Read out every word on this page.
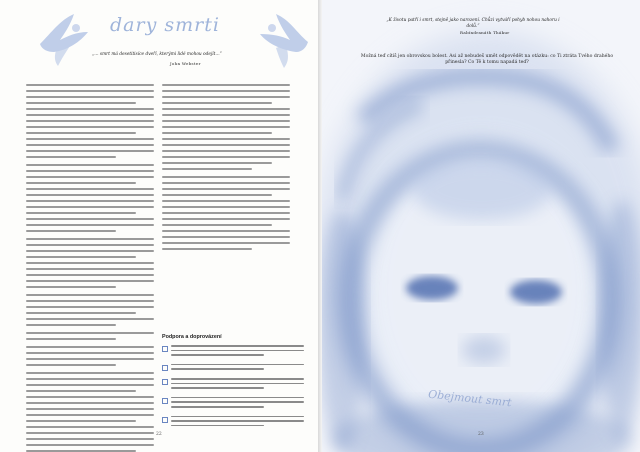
dary smrti
„… smrt má desetitisíce dveří, kterými lidé mohou odejít…“
John Webster
Podpora a doprovázení
22
„K životu patří i smrt, stejně jako narození. Chůzi vytváří pohyb nohou nahoru i dolů.“
Rabíndranáth Thákur
Možná teď cítíš jen obrovskou bolest. Asi až nebudeš umět odpovědět na otázku: co Ti ztráta Tvého drahého přinesla? Co Tě k tomu napadá teď?
Obejmout smrt
23
